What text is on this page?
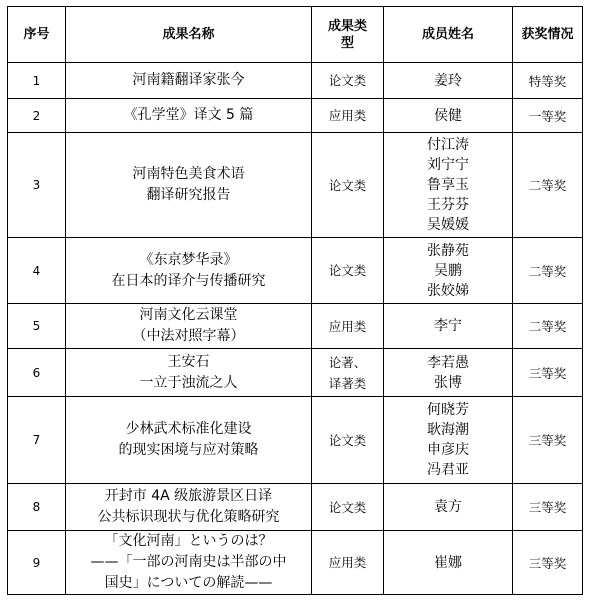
序号	成果名称	成果类型	成员姓名	获奖情况
1	河南籍翻译家张今	论文类	姜玲	特等奖
2	《孔学堂》译文 5 篇	应用类	侯健	一等奖
3	河南特色美食术语
翻译研究报告	论文类	付江涛
刘宁宁
鲁享玉
王芬芬
吴媛媛	二等奖
4	《东京梦华录》
在日本的译介与传播研究	论文类	张静苑
吴鹏
张姣娣	二等奖
5	河南文化云课堂
（中法对照字幕）	应用类	李宁	二等奖
6	王安石
一立于浊流之人	论著、
译著类	李若愚
张博	三等奖
7	少林武术标准化建设
的现实困境与应对策略	论文类	何晓芳
耿海潮
申彦庆
冯君亚	三等奖
8	开封市 4A 级旅游景区日译
公共标识现状与优化策略研究	论文类	袁方	三等奖
9	「文化河南」というのは？
——「一部の河南史は半部の中
国史」についての解読——	应用类	崔娜	三等奖
